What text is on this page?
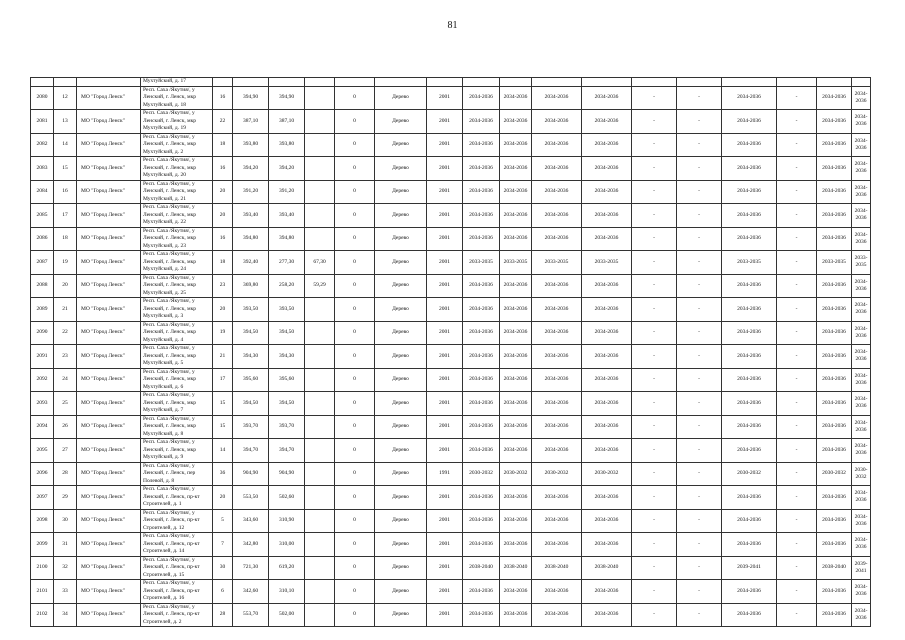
81
			Мухтуйский, д. 17																	
2080	12	МО "Город Ленск"	Респ. Саха /Якутия/, у
Ленский, г. Ленск, мкр
Мухтуйский, д. 18	16	394,90	394,90		0	Дерево	2001	2034-2036	2034-2036	2034-2036	2034-2036	-	-	2034-2036	-	2034-2036	2034-2036
2081	13	МО "Город Ленск"	Респ. Саха /Якутия/, у
Ленский, г. Ленск, мкр
Мухтуйский, д. 19	22	387,10	387,10		0	Дерево	2001	2034-2036	2034-2036	2034-2036	2034-2036	-	-	2034-2036	-	2034-2036	2034-2036
2082	14	МО "Город Ленск"	Респ. Саха /Якутия/, у
Ленский, г. Ленск, мкр
Мухтуйский, д. 2	18	393,80	393,80		0	Дерево	2001	2034-2036	2034-2036	2034-2036	2034-2036	-	-	2034-2036	-	2034-2036	2034-2036
2083	15	МО "Город Ленск"	Респ. Саха /Якутия/, у
Ленский, г. Ленск, мкр
Мухтуйский, д. 20	16	394,20	394,20		0	Дерево	2001	2034-2036	2034-2036	2034-2036	2034-2036	-	-	2034-2036	-	2034-2036	2034-2036
2084	16	МО "Город Ленск"	Респ. Саха /Якутия/, у
Ленский, г. Ленск, мкр
Мухтуйский, д. 21	20	391,20	391,20		0	Дерево	2001	2034-2036	2034-2036	2034-2036	2034-2036	-	-	2034-2036	-	2034-2036	2034-2036
2085	17	МО "Город Ленск"	Респ. Саха /Якутия/, у
Ленский, г. Ленск, мкр
Мухтуйский, д. 22	20	393,40	393,40		0	Дерево	2001	2034-2036	2034-2036	2034-2036	2034-2036	-	-	2034-2036	-	2034-2036	2034-2036
2086	18	МО "Город Ленск"	Респ. Саха /Якутия/, у
Ленский, г. Ленск, мкр
Мухтуйский, д. 23	16	394,80	394,80		0	Дерево	2001	2034-2036	2034-2036	2034-2036	2034-2036	-	-	2034-2036	-	2034-2036	2034-2036
2087	19	МО "Город Ленск"	Респ. Саха /Якутия/, у
Ленский, г. Ленск, мкр
Мухтуйский, д. 24	18	392,40	277,30	67,30	0	Дерево	2001	2033-2035	2033-2035	2033-2035	2033-2035	-	-	2033-2035	-	2033-2035	2033-2035
2088	20	МО "Город Ленск"	Респ. Саха /Якутия/, у
Ленский, г. Ленск, мкр
Мухтуйский, д. 25	23	369,80	258,20	59,29	0	Дерево	2001	2034-2036	2034-2036	2034-2036	2034-2036	-	-	2034-2036	-	2034-2036	2034-2036
2089	21	МО "Город Ленск"	Респ. Саха /Якутия/, у
Ленский, г. Ленск, мкр
Мухтуйский, д. 3	20	393,50	393,50		0	Дерево	2001	2034-2036	2034-2036	2034-2036	2034-2036	-	-	2034-2036	-	2034-2036	2034-2036
2090	22	МО "Город Ленск"	Респ. Саха /Якутия/, у
Ленский, г. Ленск, мкр
Мухтуйский, д. 4	19	394,50	394,50		0	Дерево	2001	2034-2036	2034-2036	2034-2036	2034-2036	-	-	2034-2036	-	2034-2036	2034-2036
2091	23	МО "Город Ленск"	Респ. Саха /Якутия/, у
Ленский, г. Ленск, мкр
Мухтуйский, д. 5	21	394,30	394,30		0	Дерево	2001	2034-2036	2034-2036	2034-2036	2034-2036	-	-	2034-2036	-	2034-2036	2034-2036
2092	24	МО "Город Ленск"	Респ. Саха /Якутия/, у
Ленский, г. Ленск, мкр
Мухтуйский, д. 6	17	395,60	395,60		0	Дерево	2001	2034-2036	2034-2036	2034-2036	2034-2036	-	-	2034-2036	-	2034-2036	2034-2036
2093	25	МО "Город Ленск"	Респ. Саха /Якутия/, у
Ленский, г. Ленск, мкр
Мухтуйский, д. 7	15	394,50	394,50		0	Дерево	2001	2034-2036	2034-2036	2034-2036	2034-2036	-	-	2034-2036	-	2034-2036	2034-2036
2094	26	МО "Город Ленск"	Респ. Саха /Якутия/, у
Ленский, г. Ленск, мкр
Мухтуйский, д. 8	15	393,70	393,70		0	Дерево	2001	2034-2036	2034-2036	2034-2036	2034-2036	-	-	2034-2036	-	2034-2036	2034-2036
2095	27	МО "Город Ленск"	Респ. Саха /Якутия/, у
Ленский, г. Ленск, мкр
Мухтуйский, д. 9	14	394,70	394,70		0	Дерево	2001	2034-2036	2034-2036	2034-2036	2034-2036	-	-	2034-2036	-	2034-2036	2034-2036
2096	28	МО "Город Ленск"	Респ. Саха /Якутия/, у
Ленский, г. Ленск, пер
Полевой, д. 8	36	904,90	904,90		0	Дерево	1991	2030-2032	2030-2032	2030-2032	2030-2032	-	-	2030-2032	-	2030-2032	2030-2032
2097	29	МО "Город Ленск"	Респ. Саха /Якутия/, у
Ленский, г. Ленск, пр-кт
Строителей, д. 1	20	553,50	502,60		0	Дерево	2001	2034-2036	2034-2036	2034-2036	2034-2036	-	-	2034-2036	-	2034-2036	2034-2036
2098	30	МО "Город Ленск"	Респ. Саха /Якутия/, у
Ленский, г. Ленск, пр-кт
Строителей, д. 12	5	343,60	310,90		0	Дерево	2001	2034-2036	2034-2036	2034-2036	2034-2036	-	-	2034-2036	-	2034-2036	2034-2036
2099	31	МО "Город Ленск"	Респ. Саха /Якутия/, у
Ленский, г. Ленск, пр-кт
Строителей, д. 14	7	342,80	310,00		0	Дерево	2001	2034-2036	2034-2036	2034-2036	2034-2036	-	-	2034-2036	-	2034-2036	2034-2036
2100	32	МО "Город Ленск"	Респ. Саха /Якутия/, у
Ленский, г. Ленск, пр-кт
Строителей, д. 15	30	721,30	619,20		0	Дерево	2001	2038-2040	2038-2040	2038-2040	2038-2040	-	-	2039-2041	-	2038-2040	2039-2041
2101	33	МО "Город Ленск"	Респ. Саха /Якутия/, у
Ленский, г. Ленск, пр-кт
Строителей, д. 16	6	342,60	310,10		0	Дерево	2001	2034-2036	2034-2036	2034-2036	2034-2036	-	-	2034-2036	-	2034-2036	2034-2036
2102	34	МО "Город Ленск"	Респ. Саха /Якутия/, у
Ленский, г. Ленск, пр-кт
Строителей, д. 2	28	553,70	502,00		0	Дерево	2001	2034-2036	2034-2036	2034-2036	2034-2036	-	-	2034-2036	-	2034-2036	2034-2036
